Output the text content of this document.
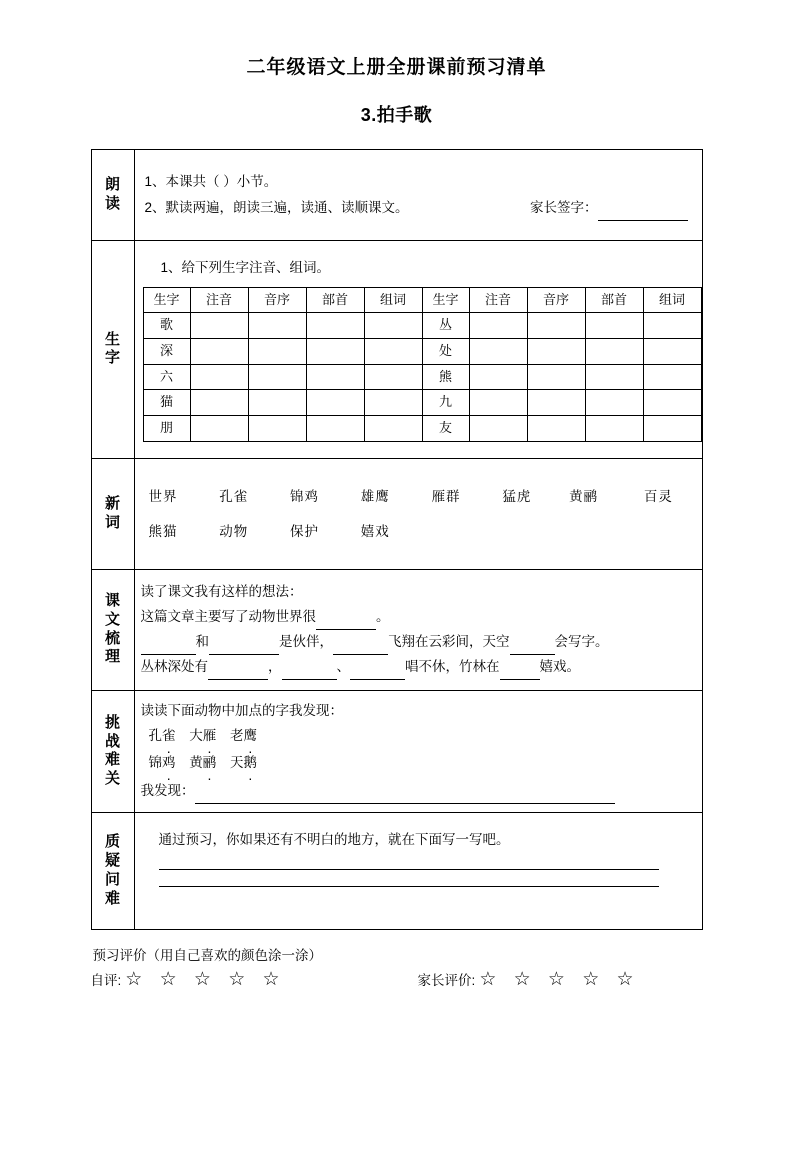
二年级语文上册全册课前预习清单
3.拍手歌
朗
读

1、本课共（ ）小节。
2、默读两遍，朗读三遍，读通、读顺课文。	家长签字：

生
字

1、给下列生字注音、组词。
生字	注音	音序	部首	组词	生字	注音	音序	部首	组词
歌					丛				
深					处				
六					熊				
猫					九				
朋					友				

新
词

世界	孔雀	锦鸡	雄鹰	雁群	猛虎	黄鹂	百灵
熊猫	动物	保护	嬉戏

课
文
梳
理

读了课文我有这样的想法：
这篇文章主要写了动物世界很	。
和	是伙伴，	飞翔在云彩间，天空	会写字。
丛林深处有	，	、	唱不休，竹林在	嬉戏。

挑
战
难
关

读读下面动物中加点的字我发现：
孔雀 大雁 老鹰
锦鸡 黄鹂 天鹅
我发现：

质
疑
问
难

通过预习，你如果还有不明白的地方，就在下面写一写吧。
预习评价（用自己喜欢的颜色涂一涂）
自评: ☆ ☆ ☆ ☆ ☆	家长评价: ☆ ☆ ☆ ☆ ☆
